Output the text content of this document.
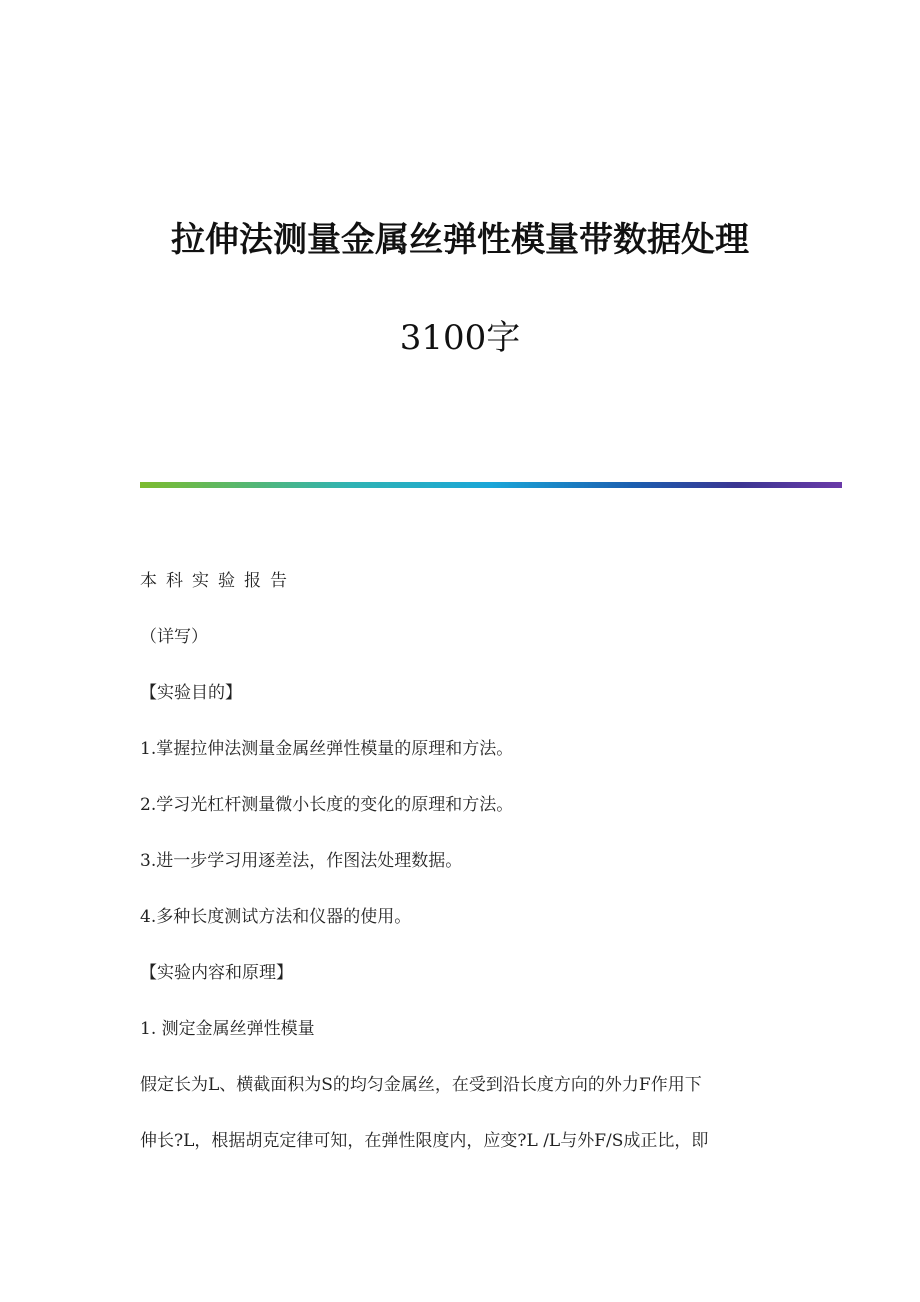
拉伸法测量金属丝弹性模量带数据处理
3100字
本科实验报告
（详写）
【实验目的】
1.掌握拉伸法测量金属丝弹性模量的原理和方法。
2.学习光杠杆测量微小长度的变化的原理和方法。
3.进一步学习用逐差法，作图法处理数据。
4.多种长度测试方法和仪器的使用。
【实验内容和原理】
1. 测定金属丝弹性模量
假定长为L、横截面积为S的均匀金属丝，在受到沿长度方向的外力F作用下
伸长?L，根据胡克定律可知，在弹性限度内，应变?L /L与外F/S成正比，即
